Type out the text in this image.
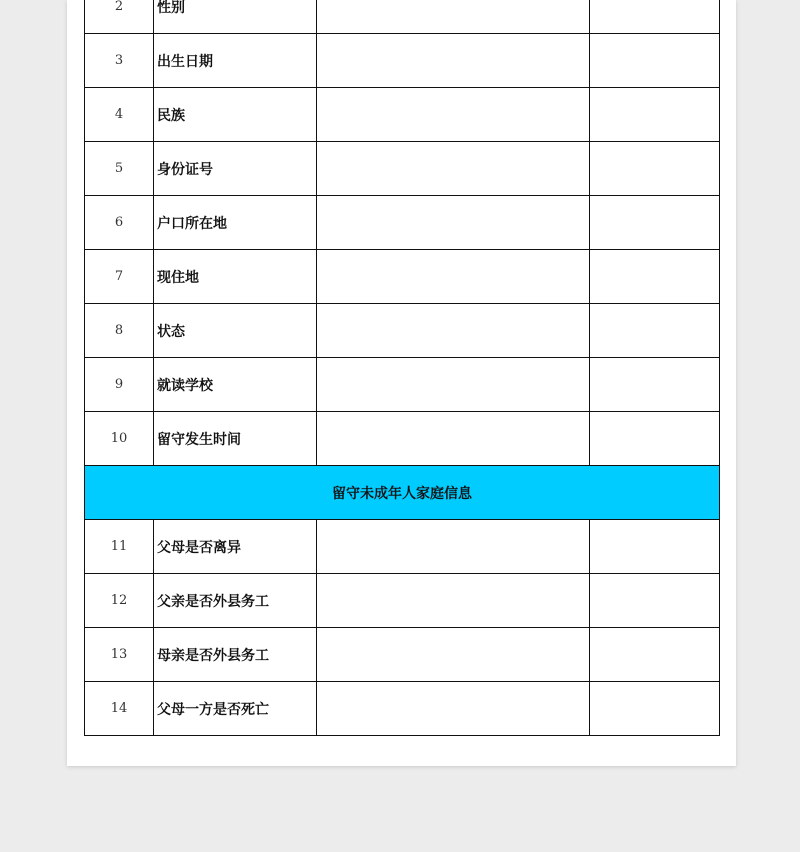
2	性别		
3	出生日期		
4	民族		
5	身份证号		
6	户口所在地		
7	现住地		
8	状态		
9	就读学校		
10	留守发生时间		
留守未成年人家庭信息			
11	父母是否离异		
12	父亲是否外县务工		
13	母亲是否外县务工		
14	父母一方是否死亡		
